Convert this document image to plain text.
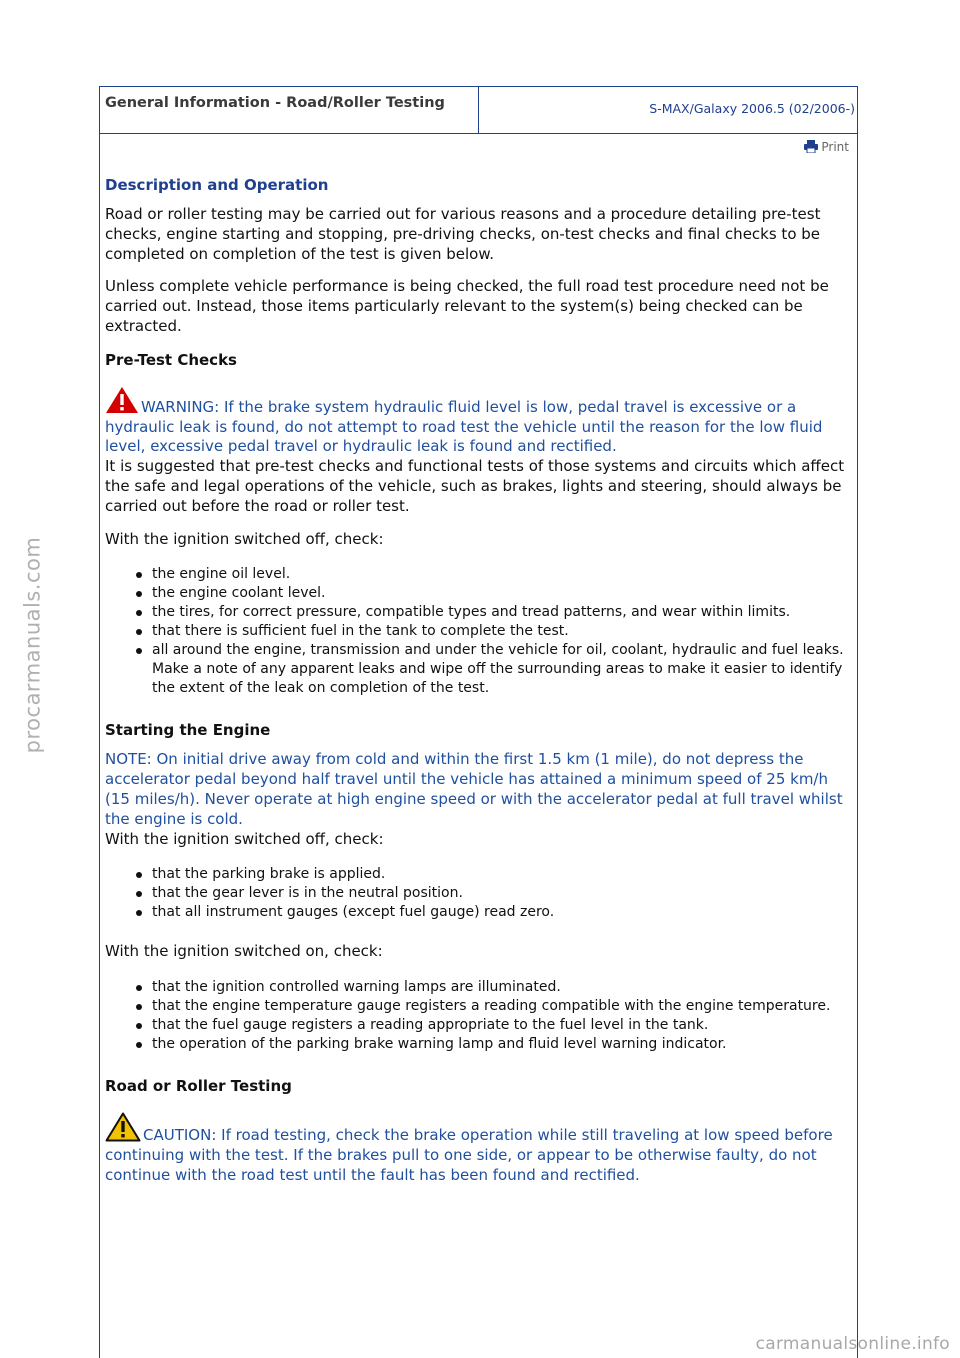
procarmanuals.com
General Information - Road/Roller Testing	S-MAX/Galaxy 2006.5 (02/2006-)
Print
Description and Operation

Road or roller testing may be carried out for various reasons and a procedure detailing pre-test checks, engine starting and stopping, pre-driving checks, on-test checks and final checks to be completed on completion of the test is given below.

Unless complete vehicle performance is being checked, the full road test procedure need not be carried out. Instead, those items particularly relevant to the system(s) being checked can be extracted.

Pre-Test Checks
WARNING: If the brake system hydraulic fluid level is low, pedal travel is excessive or a hydraulic leak is found, do not attempt to road test the vehicle until the reason for the low fluid level, excessive pedal travel or hydraulic leak is found and rectified.

It is suggested that pre-test checks and functional tests of those systems and circuits which affect the safe and legal operations of the vehicle, such as brakes, lights and steering, should always be carried out before the road or roller test.

With the ignition switched off, check:

the engine oil level.
the engine coolant level.
the tires, for correct pressure, compatible types and tread patterns, and wear within limits.
that there is sufficient fuel in the tank to complete the test.
all around the engine, transmission and under the vehicle for oil, coolant, hydraulic and fuel leaks. Make a note of any apparent leaks and wipe off the surrounding areas to make it easier to identify the extent of the leak on completion of the test.
Starting the Engine
NOTE: On initial drive away from cold and within the first 1.5 km (1 mile), do not depress the accelerator pedal beyond half travel until the vehicle has attained a minimum speed of 25 km/h (15 miles/h). Never operate at high engine speed or with the accelerator pedal at full travel whilst the engine is cold.

With the ignition switched off, check:

that the parking brake is applied.
that the gear lever is in the neutral position.
that all instrument gauges (except fuel gauge) read zero.

With the ignition switched on, check:

that the ignition controlled warning lamps are illuminated.
that the engine temperature gauge registers a reading compatible with the engine temperature.
that the fuel gauge registers a reading appropriate to the fuel level in the tank.
the operation of the parking brake warning lamp and fluid level warning indicator.
Road or Roller Testing
CAUTION: If road testing, check the brake operation while still traveling at low speed before continuing with the test. If the brakes pull to one side, or appear to be otherwise faulty, do not continue with the road test until the fault has been found and rectified.
carmanualsonline.info
